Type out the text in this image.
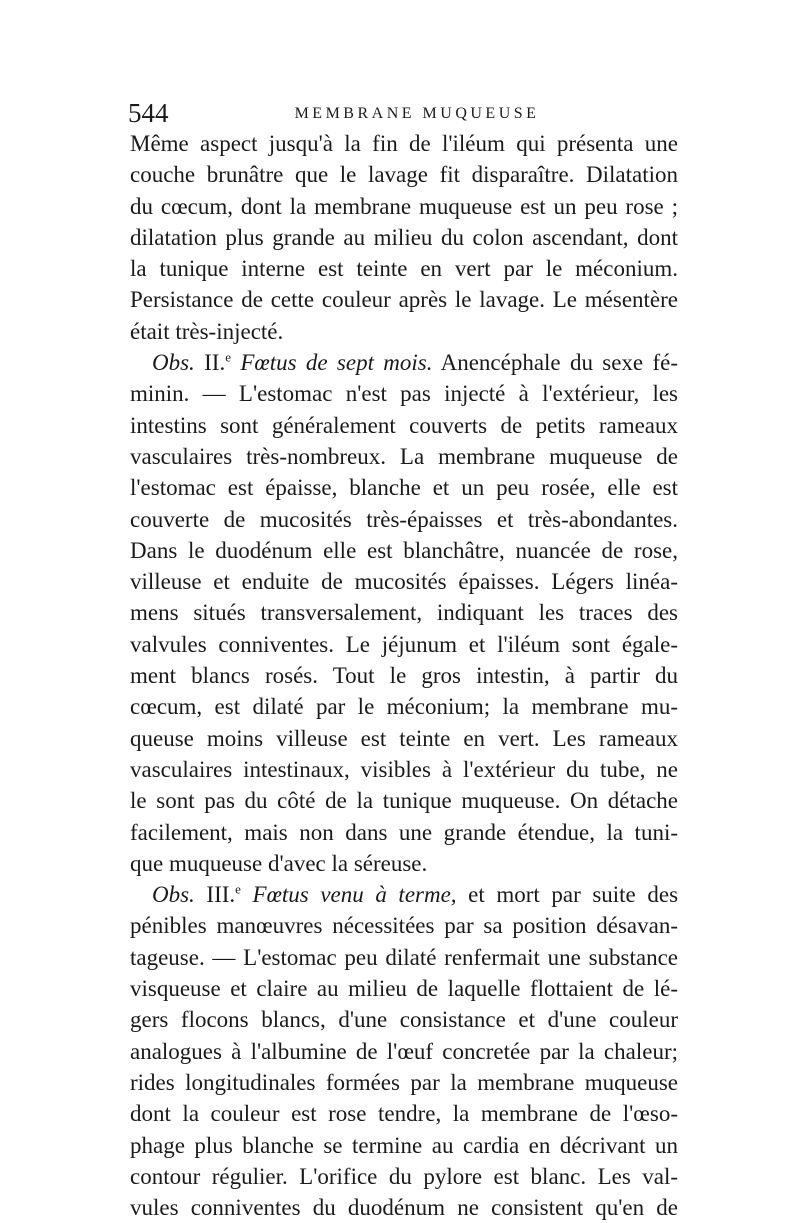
544	MEMBRANE MUQUEUSE
Même aspect jusqu'à la fin de l'iléum qui présenta une
couche brunâtre que le lavage fit disparaître. Dilatation
du cœcum, dont la membrane muqueuse est un peu rose ;
dilatation plus grande au milieu du colon ascendant, dont
la tunique interne est teinte en vert par le méconium.
Persistance de cette couleur après le lavage. Le mésentère
était très-injecté.
Obs. II.$^e$ Fœtus de sept mois. Anencéphale du sexe fé-
minin. — L'estomac n'est pas injecté à l'extérieur, les
intestins sont généralement couverts de petits rameaux
vasculaires très-nombreux. La membrane muqueuse de
l'estomac est épaisse, blanche et un peu rosée, elle est
couverte de mucosités très-épaisses et très-abondantes.
Dans le duodénum elle est blanchâtre, nuancée de rose,
villeuse et enduite de mucosités épaisses. Légers linéa-
mens situés transversalement, indiquant les traces des
valvules conniventes. Le jéjunum et l'iléum sont égale-
ment blancs rosés. Tout le gros intestin, à partir du
cœcum, est dilaté par le méconium; la membrane mu-
queuse moins villeuse est teinte en vert. Les rameaux
vasculaires intestinaux, visibles à l'extérieur du tube, ne
le sont pas du côté de la tunique muqueuse. On détache
facilement, mais non dans une grande étendue, la tuni-
que muqueuse d'avec la séreuse.
Obs. III.$^e$ Fœtus venu à terme, et mort par suite des
pénibles manœuvres nécessitées par sa position désavan-
tageuse. — L'estomac peu dilaté renfermait une substance
visqueuse et claire au milieu de laquelle flottaient de lé-
gers flocons blancs, d'une consistance et d'une couleur
analogues à l'albumine de l'œuf concretée par la chaleur;
rides longitudinales formées par la membrane muqueuse
dont la couleur est rose tendre, la membrane de l'œso-
phage plus blanche se termine au cardia en décrivant un
contour régulier. L'orifice du pylore est blanc. Les val-
vules conniventes du duodénum ne consistent qu'en de
